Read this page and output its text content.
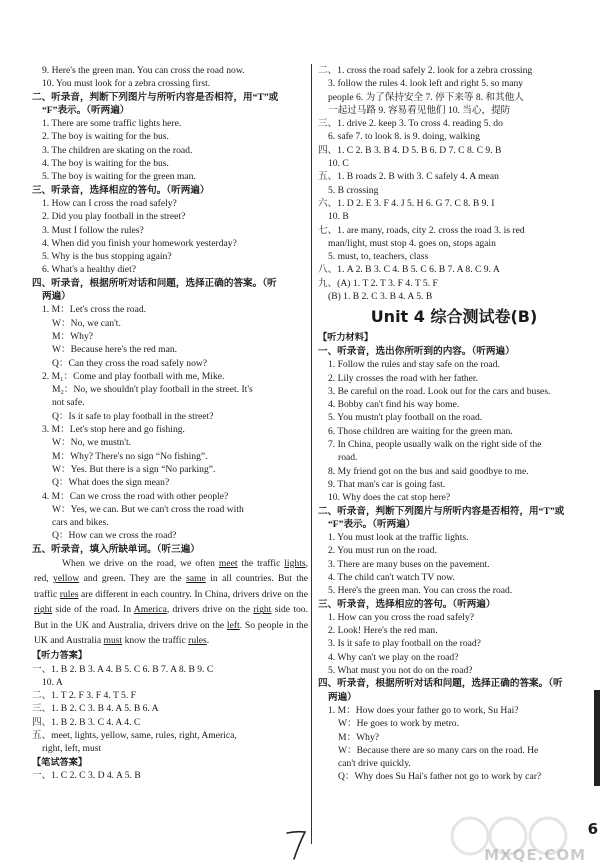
9. Here's the green man. You can cross the road now.
10. You must look for a zebra crossing first.
二、听录音，判断下列图片与所听内容是否相符，用“T”或
“F”表示。（听两遍）
1. There are some traffic lights here.
2. The boy is waiting for the bus.
3. The children are skating on the road.
4. The boy is waiting for the bus.
5. The boy is waiting for the green man.
三、听录音，选择相应的答句。（听两遍）
1. How can I cross the road safely?
2. Did you play football in the street?
3. Must I follow the rules?
4. When did you finish your homework yesterday?
5. Why is the bus stopping again?
6. What's a healthy diet?
四、听录音，根据所听对话和问题，选择正确的答案。（听
两遍）
1. M：Let's cross the road.
W：No, we can't.
M：Why?
W：Because here's the red man.
Q：Can they cross the road safely now?
2. M₁：Come and play football with me, Mike.
M₂：No, we shouldn't play football in the street. It's
not safe.
Q：Is it safe to play football in the street?
3. M：Let's stop here and go fishing.
W：No, we mustn't.
M：Why? There's no sign “No fishing”.
W：Yes. But there is a sign “No parking”.
Q：What does the sign mean?
4. M：Can we cross the road with other people?
W：Yes, we can. But we can't cross the road with
cars and bikes.
Q：How can we cross the road?
五、听录音，填入所缺单词。（听三遍）
When we drive on the road, we often meet the traffic lights, red, yellow and green. They are the same in all countries. But the traffic rules are different in each country. In China, drivers drive on the right side of the road. In America, drivers drive on the right side too. But in the UK and Australia, drivers drive on the left. So people in the UK and Australia must know the traffic rules.
【听力答案】
一、1. B 2. B 3. A 4. B 5. C 6. B 7. A 8. B 9. C
10. A
二、1. T 2. F 3. F 4. T 5. F
三、1. B 2. C 3. B 4. A 5. B 6. A
四、1. B 2. B 3. C 4. A 4. C
五、meet, lights, yellow, same, rules, right, America,
right, left, must
【笔试答案】
一、1. C 2. C 3. D 4. A 5. B
二、1. cross the road safely 2. look for a zebra crossing
3. follow the rules 4. look left and right 5. so many
people 6. 为了保持安全 7. 停下来等 8. 和其他人
一起过马路 9. 容易看见他们 10. 当心，提防
三、1. drive 2. keep 3. To cross 4. reading 5. do
6. safe 7. to look 8. is 9. doing, walking
四、1. C 2. B 3. B 4. D 5. B 6. D 7. C 8. C 9. B
10. C
五、1. B roads 2. B with 3. C safely 4. A mean
5. B crossing
六、1. D 2. E 3. F 4. J 5. H 6. G 7. C 8. B 9. I
10. B
七、1. are many, roads, city 2. cross the road 3. is red
man/light, must stop 4. goes on, stops again
5. must, to, teachers, class
八、1. A 2. B 3. C 4. B 5. C 6. B 7. A 8. C 9. A
九、(A) 1. T 2. T 3. F 4. T 5. F
(B) 1. B 2. C 3. B 4. A 5. B
Unit 4 综合测试卷(B)
【听力材料】
一、听录音，选出你所听到的内容。（听两遍）
1. Follow the rules and stay safe on the road.
2. Lily crosses the road with her father.
3. Be careful on the road. Look out for the cars and buses.
4. Bobby can't find his way home.
5. You mustn't play football on the road.
6. Those children are waiting for the green man.
7. In China, people usually walk on the right side of the
road.
8. My friend got on the bus and said goodbye to me.
9. That man's car is going fast.
10. Why does the cat stop here?
二、听录音，判断下列图片与所听内容是否相符，用“T”或
“F”表示。（听两遍）
1. You must look at the traffic lights.
2. You must run on the road.
3. There are many buses on the pavement.
4. The child can't watch TV now.
5. Here's the green man. You can cross the road.
三、听录音，选择相应的答句。（听两遍）
1. How can you cross the road safely?
2. Look! Here's the red man.
3. Is it safe to play football on the road?
4. Why can't we play on the road?
5. What must you not do on the road?
四、听录音，根据所听对话和问题，选择正确的答案。（听
两遍）
1. M：How does your father go to work, Su Hai?
W：He goes to work by metro.
M：Why?
W：Because there are so many cars on the road. He
can't drive quickly.
Q：Why does Su Hai's father not go to work by car?
6
MXQE.COM
